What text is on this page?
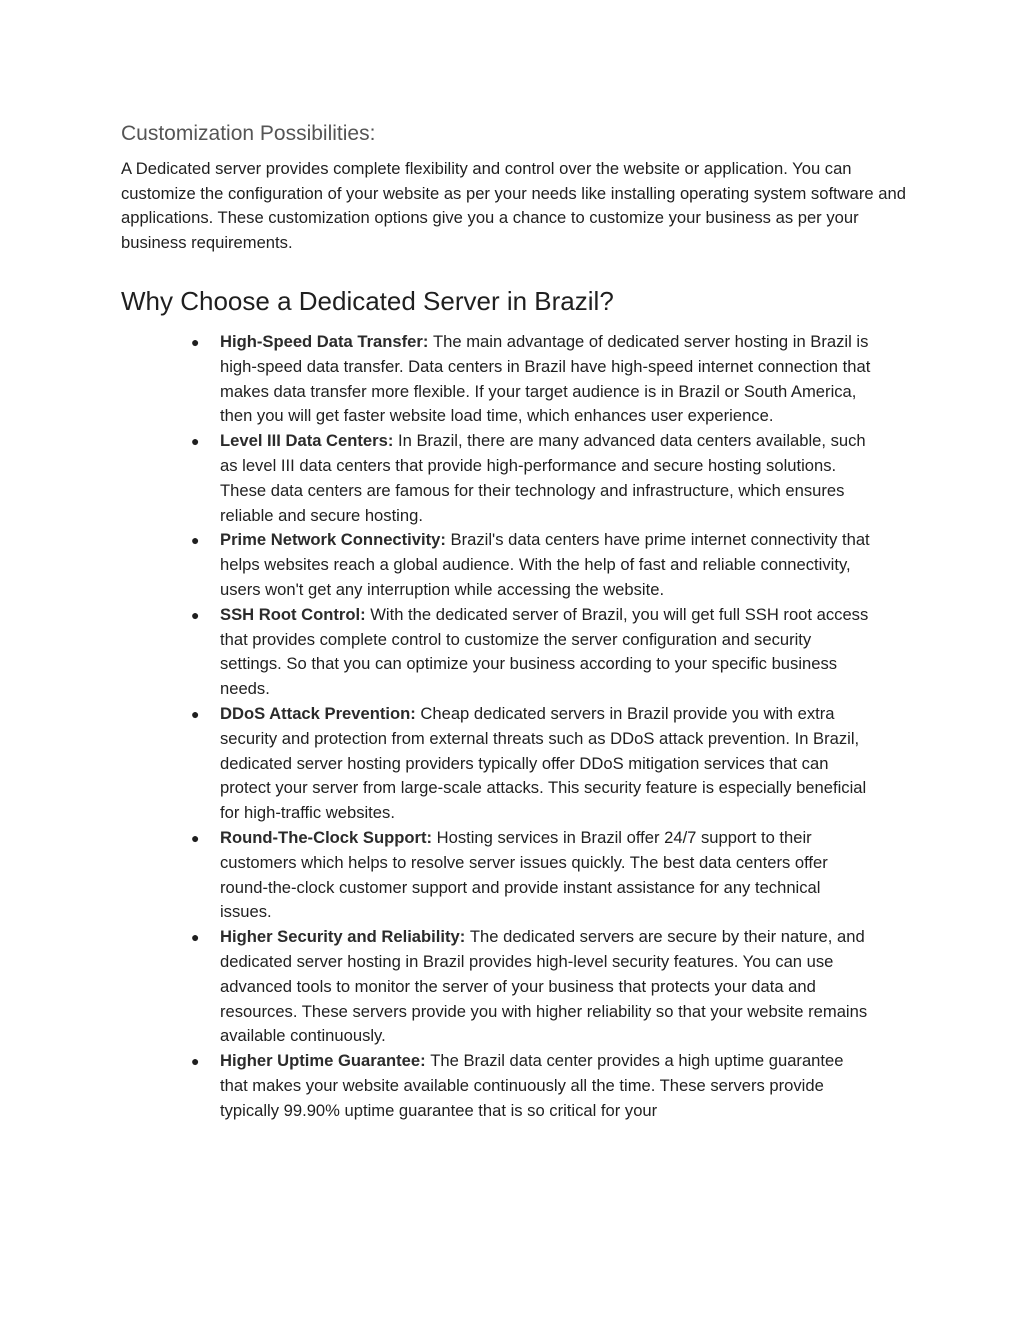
Customization Possibilities:

A Dedicated server provides complete flexibility and control over the website or application. You can customize the configuration of your website as per your needs like installing operating system software and applications. These customization options give you a chance to customize your business as per your business requirements.

Why Choose a Dedicated Server in Brazil?
● High-Speed Data Transfer: The main advantage of dedicated server hosting in Brazil is high-speed data transfer. Data centers in Brazil have high-speed internet connection that makes data transfer more flexible. If your target audience is in Brazil or South America, then you will get faster website load time, which enhances user experience.
● Level III Data Centers: In Brazil, there are many advanced data centers available, such as level III data centers that provide high-performance and secure hosting solutions. These data centers are famous for their technology and infrastructure, which ensures reliable and secure hosting.
● Prime Network Connectivity: Brazil's data centers have prime internet connectivity that helps websites reach a global audience. With the help of fast and reliable connectivity, users won't get any interruption while accessing the website.
● SSH Root Control: With the dedicated server of Brazil, you will get full SSH root access that provides complete control to customize the server configuration and security settings. So that you can optimize your business according to your specific business needs.
● DDoS Attack Prevention: Cheap dedicated servers in Brazil provide you with extra security and protection from external threats such as DDoS attack prevention. In Brazil, dedicated server hosting providers typically offer DDoS mitigation services that can protect your server from large-scale attacks. This security feature is especially beneficial for high-traffic websites.
● Round-The-Clock Support: Hosting services in Brazil offer 24/7 support to their customers which helps to resolve server issues quickly. The best data centers offer round-the-clock customer support and provide instant assistance for any technical issues.
● Higher Security and Reliability: The dedicated servers are secure by their nature, and dedicated server hosting in Brazil provides high-level security features. You can use advanced tools to monitor the server of your business that protects your data and resources. These servers provide you with higher reliability so that your website remains available continuously.
● Higher Uptime Guarantee: The Brazil data center provides a high uptime guarantee that makes your website available continuously all the time. These servers provide typically 99.90% uptime guarantee that is so critical for your
